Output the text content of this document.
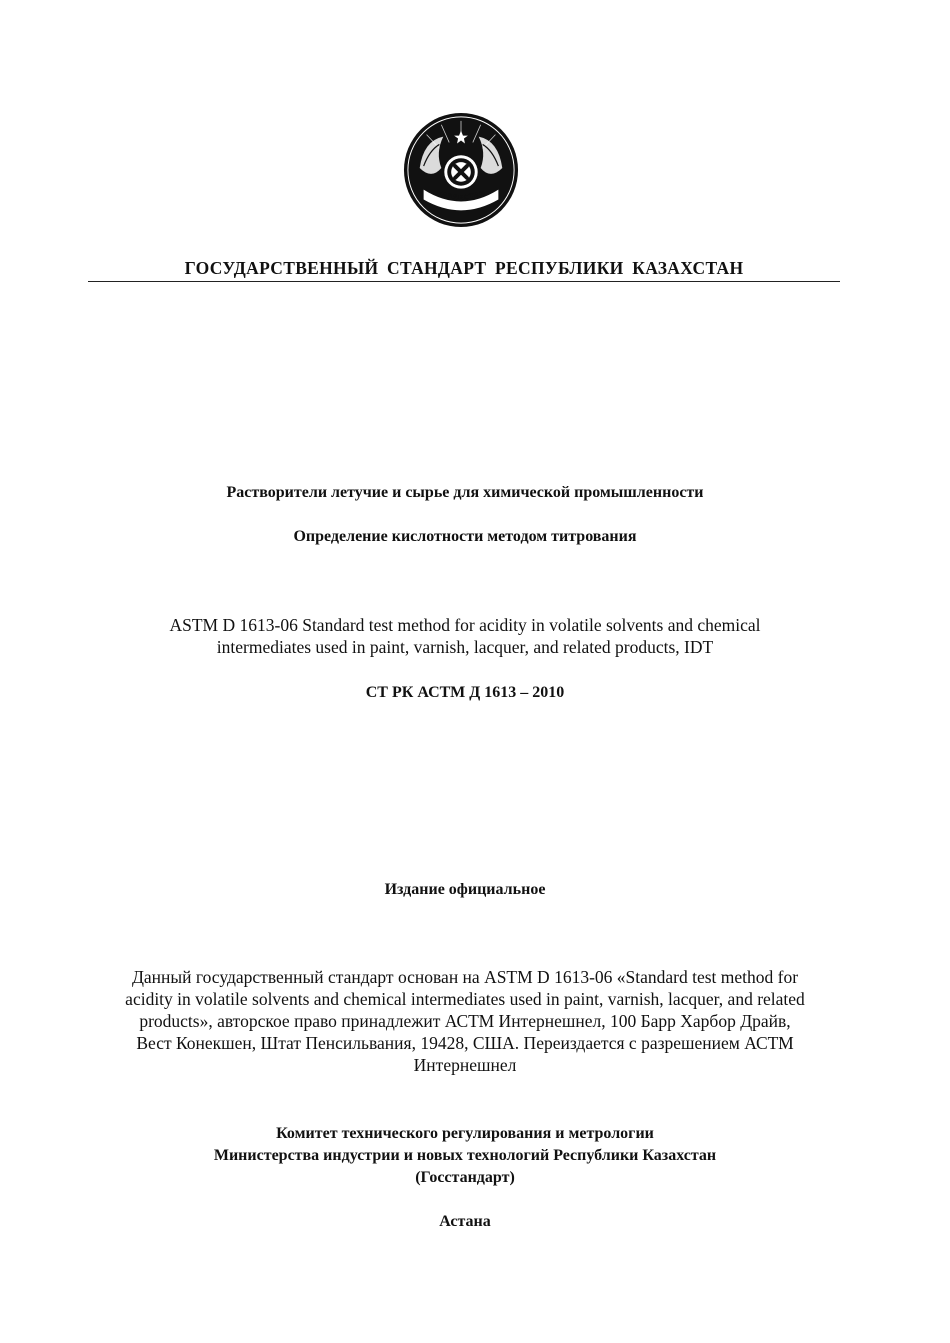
ҚАЗАҚСТАН
ГОСУДАРСТВЕННЫЙ СТАНДАРТ РЕСПУБЛИКИ КАЗАХСТАН
Растворители летучие и сырье для химической промышленности
Определение кислотности методом титрования
ASTM D 1613-06 Standard test method for acidity in volatile solvents and chemical
intermediates used in paint, varnish, lacquer, and related products, IDT
СТ РК АСТМ Д 1613 – 2010
Издание официальное
Данный государственный стандарт основан на ASTM D 1613-06 «Standard test method for
acidity in volatile solvents and chemical intermediates used in paint, varnish, lacquer, and related
products», авторское право принадлежит АСТМ Интернешнел, 100 Барр Харбор Драйв,
Вест Конекшен, Штат Пенсильвания, 19428, США. Переиздается с разрешением АСТМ
Интернешнел
Комитет технического регулирования и метрологии
Министерства индустрии и новых технологий Республики Казахстан
(Госстандарт)
Астана
